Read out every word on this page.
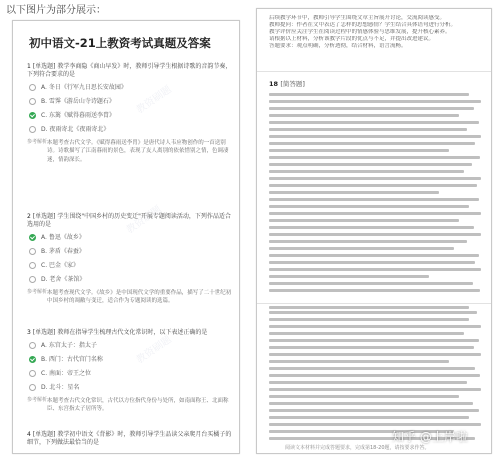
以下图片为部分展示：
教资刷题
教资刷题
教资刷题
初中语文-21上教资考试真题及答案
1 [单选题] 教学李商隐《商山早发》时，教师引导学生根据诗歌的音韵节奏，下列符合要求的是
A. 冬日《行军九日思长安故园》
B. 雪霁《游岳山寺诗题石》
C. 东篱《赋得暮雨送李胄》
D. 夜雨寄北《夜雨寄北》
参考解析:
本题考查古代文学。《赋得暮雨送李胄》是唐代诗人韦应物创作的一首送别诗。诗歌描写了江南暮雨的景色，表现了友人离别的依依惜别之情，色调凄迷，情韵深长。
2 [单选题] 学生围绕"中国乡村的历史变迁"开展专题阅读活动，下列作品适合选用的是
A. 鲁迅《故乡》
B. 茅盾《春蚕》
C. 巴金《家》
D. 老舍《茶馆》
参考解析:
本题考查现代文学。《故乡》是中国现代文学的重要作品，描写了二十世纪初中国乡村的凋敝与变迁，适合作为专题阅读的选篇。
3 [单选题] 教师在指导学生梳理古代文化常识时，以下表述正确的是
A. 东宫太子：指太子
B. 西门：古代宫门名称
C. 南面：帝王之位
D. 北斗：星名
参考解析:
本题考查古代文化常识，古代以方位指代身份与处所，如南面称王、北面称臣、东宫指太子居所等。
4 [单选题] 教学初中语文《背影》时，教师引导学生品读父亲爬月台买橘子的细节，下列做法最恰当的是
后续教学环节中，教师引导学生围绕文章主旨展开讨论，交流阅读感受。
教师提问：作者在文中表达了怎样的思想感情？学生结合具体语句进行分析。
教学评价应关注学生在阅读过程中的情感体验与思维发展，提升核心素养。
请根据以上材料，分析该教学片段的优点与不足，并提出改进建议。
答题要求：观点明确，分析透彻，结合材料，语言流畅。
18 [简答题]
阅读文本材料并完成答题要求，完成第18-20题，请按要求作答。
知乎 @上岸啦
